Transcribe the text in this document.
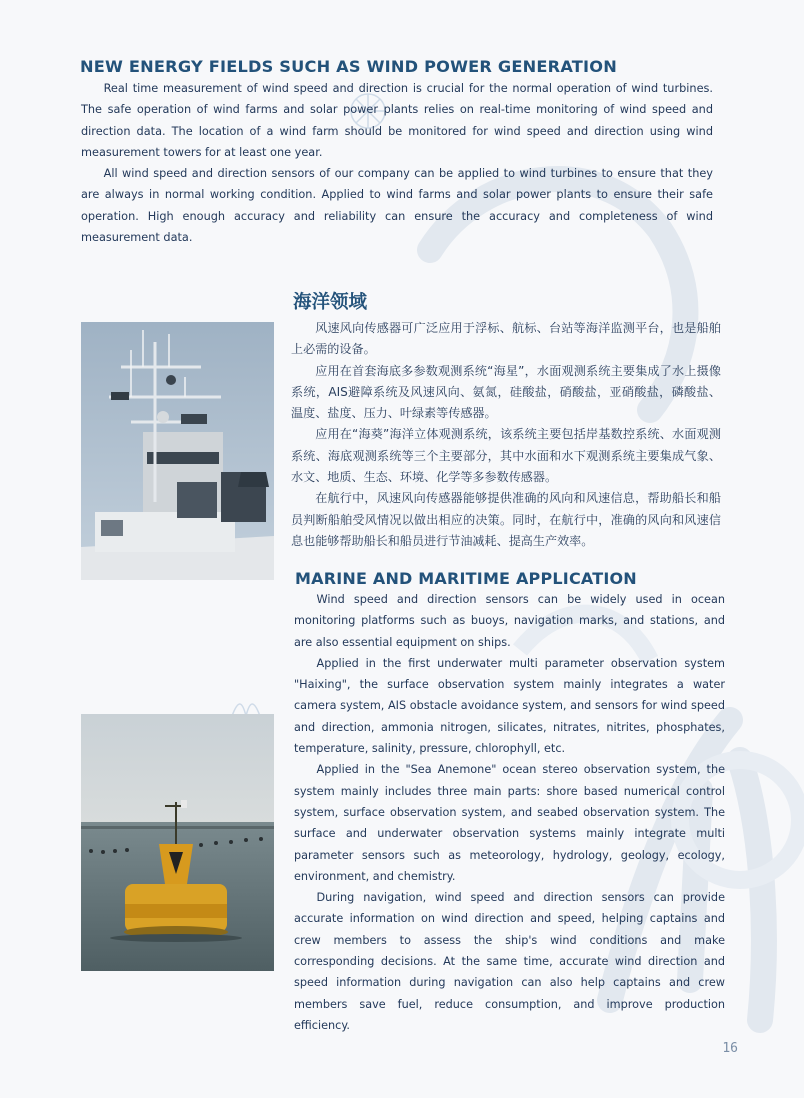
NEW ENERGY FIELDS SUCH AS WIND POWER GENERATION

Real time measurement of wind speed and direction is crucial for the normal operation of wind turbines. The safe operation of wind farms and solar power plants relies on real-time monitoring of wind speed and direction data. The location of a wind farm should be monitored for wind speed and direction using wind measurement towers for at least one year.

All wind speed and direction sensors of our company can be applied to wind turbines to ensure that they are always in normal working condition. Applied to wind farms and solar power plants to ensure their safe operation. High enough accuracy and reliability can ensure the accuracy and completeness of wind measurement data.

海洋领域

风速风向传感器可广泛应用于浮标、航标、台站等海洋监测平台，也是船舶上必需的设备。

应用在首套海底多参数观测系统“海星”，水面观测系统主要集成了水上摄像系统，AIS避障系统及风速风向、氨氮，硅酸盐，硝酸盐，亚硝酸盐，磷酸盐、温度、盐度、压力、叶绿素等传感器。

应用在“海葵”海洋立体观测系统，该系统主要包括岸基数控系统、水面观测系统、海底观测系统等三个主要部分，其中水面和水下观测系统主要集成气象、水文、地质、生态、环境、化学等多参数传感器。

在航行中，风速风向传感器能够提供准确的风向和风速信息，帮助船长和船员判断船舶受风情况以做出相应的决策。同时，在航行中，准确的风向和风速信息也能够帮助船长和船员进行节油减耗、提高生产效率。

MARINE AND MARITIME APPLICATION

Wind speed and direction sensors can be widely used in ocean monitoring platforms such as buoys, navigation marks, and stations, and are also essential equipment on ships.

Applied in the first underwater multi parameter observation system "Haixing", the surface observation system mainly integrates a water camera system, AIS obstacle avoidance system, and sensors for wind speed and direction, ammonia nitrogen, silicates, nitrates, nitrites, phosphates, temperature, salinity, pressure, chlorophyll, etc.

Applied in the "Sea Anemone" ocean stereo observation system, the system mainly includes three main parts: shore based numerical control system, surface observation system, and seabed observation system. The surface and underwater observation systems mainly integrate multi parameter sensors such as meteorology, hydrology, geology, ecology, environment, and chemistry.

During navigation, wind speed and direction sensors can provide accurate information on wind direction and speed, helping captains and crew members to assess the ship's wind conditions and make corresponding decisions. At the same time, accurate wind direction and speed information during navigation can also help captains and crew members save fuel, reduce consumption, and improve production efficiency.

16
